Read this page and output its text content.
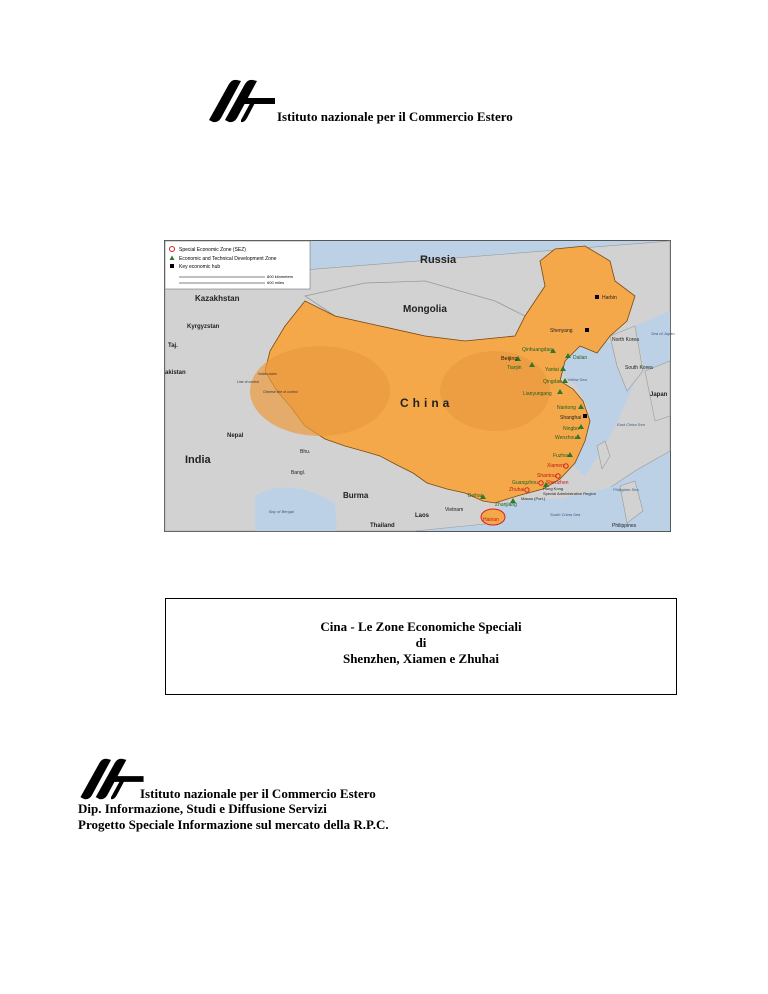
Istituto nazionale per il Commercio Estero
Special Economic Zone (SEZ)
Economic and Technical Development Zone
Key economic hub
800 kilometers
600 miles
Russia
Mongolia
China
Kazakhstan
Kyrgyzstan
Taj.
akistan
India
Nepal
Bhu.
Bangl.
Burma
Laos
Vietnam
Thailand
North Korea
South Korea
Japan
Philippines
Sea of Japan
Yellow Sea
East China Sea
Bay of Bengal
South China Sea
Philippine Sea
Indian claim
Line of control
Chinese line of control
Harbin
Shenyang
Shanghai
Qinhuangdao
Beijing
Tianjin
Dalian
Yantai
Qingdao
Lianyungang
Nantong
Ningbo
Wenzhou
Fuzhou
Guangzhou
Beihai
Zhanjiang
Xiamen
Shantou
Shenzhen
Zhuhai	Hong Kong
Special Administrative Region
Macau (Port.)
Hainan
Cina - Le Zone Economiche Speciali
di
Shenzhen, Xiamen e Zhuhai
Istituto nazionale per il Commercio Estero
Dip. Informazione, Studi e Diffusione Servizi
Progetto Speciale Informazione sul mercato della R.P.C.
